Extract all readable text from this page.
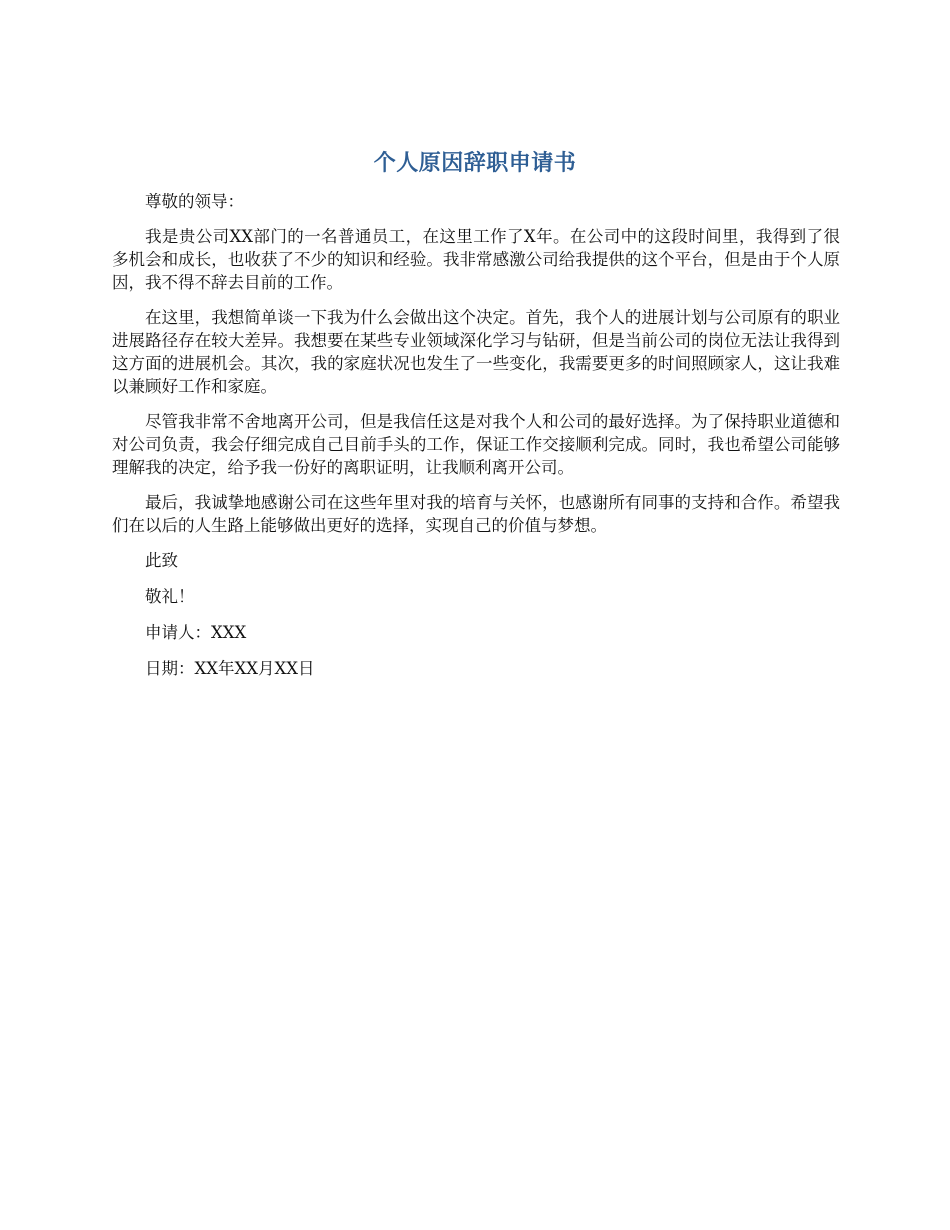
个人原因辞职申请书

尊敬的领导：

我是贵公司XX部门的一名普通员工，在这里工作了X年。在公司中的这段时间里，我得到了很多机会和成长，也收获了不少的知识和经验。我非常感激公司给我提供的这个平台，但是由于个人原因，我不得不辞去目前的工作。

在这里，我想简单谈一下我为什么会做出这个决定。首先，我个人的进展计划与公司原有的职业进展路径存在较大差异。我想要在某些专业领域深化学习与钻研，但是当前公司的岗位无法让我得到这方面的进展机会。其次，我的家庭状况也发生了一些变化，我需要更多的时间照顾家人，这让我难以兼顾好工作和家庭。

尽管我非常不舍地离开公司，但是我信任这是对我个人和公司的最好选择。为了保持职业道德和对公司负责，我会仔细完成自己目前手头的工作，保证工作交接顺利完成。同时，我也希望公司能够理解我的决定，给予我一份好的离职证明，让我顺利离开公司。

最后，我诚挚地感谢公司在这些年里对我的培育与关怀，也感谢所有同事的支持和合作。希望我们在以后的人生路上能够做出更好的选择，实现自己的价值与梦想。

此致

敬礼！

申请人：XXX

日期：XX年XX月XX日
